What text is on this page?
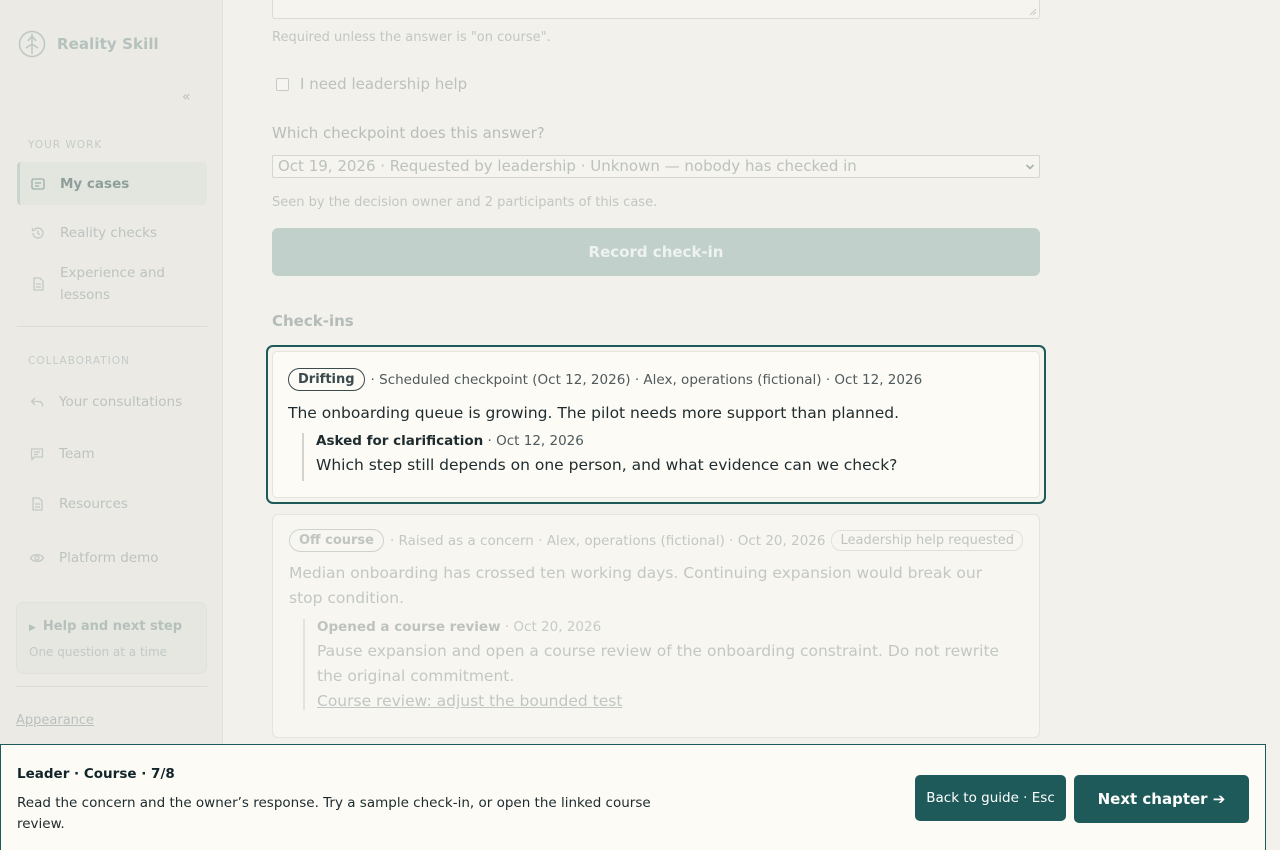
Reality Skill
«
YOUR WORK
My cases
Reality checks
Experience and lessons
COLLABORATION
Your consultations
Team
Resources
Platform demo
▶ Help and next step
One question at a time
Appearance
Required unless the answer is "on course".
I need leadership help
Which checkpoint does this answer?
Oct 19, 2026 · Requested by leadership · Unknown — nobody has checked in
Seen by the decision owner and 2 participants of this case.
Record check-in
Check-ins
Drifting	· Scheduled checkpoint (Oct 12, 2026) · Alex, operations (fictional) · Oct 12, 2026
The onboarding queue is growing. The pilot needs more support than planned.
Asked for clarification · Oct 12, 2026
Which step still depends on one person, and what evidence can we check?
Off course	· Raised as a concern · Alex, operations (fictional) · Oct 20, 2026	Leadership help requested
Median onboarding has crossed ten working days. Continuing expansion would break our stop condition.
Opened a course review · Oct 20, 2026
Pause expansion and open a course review of the onboarding constraint. Do not rewrite the original commitment.
Course review: adjust the bounded test
Leader · Course · 7/8
Read the concern and the owner’s response. Try a sample check-in, or open the linked course review.
Back to guide · Esc	Next chapter ➔
